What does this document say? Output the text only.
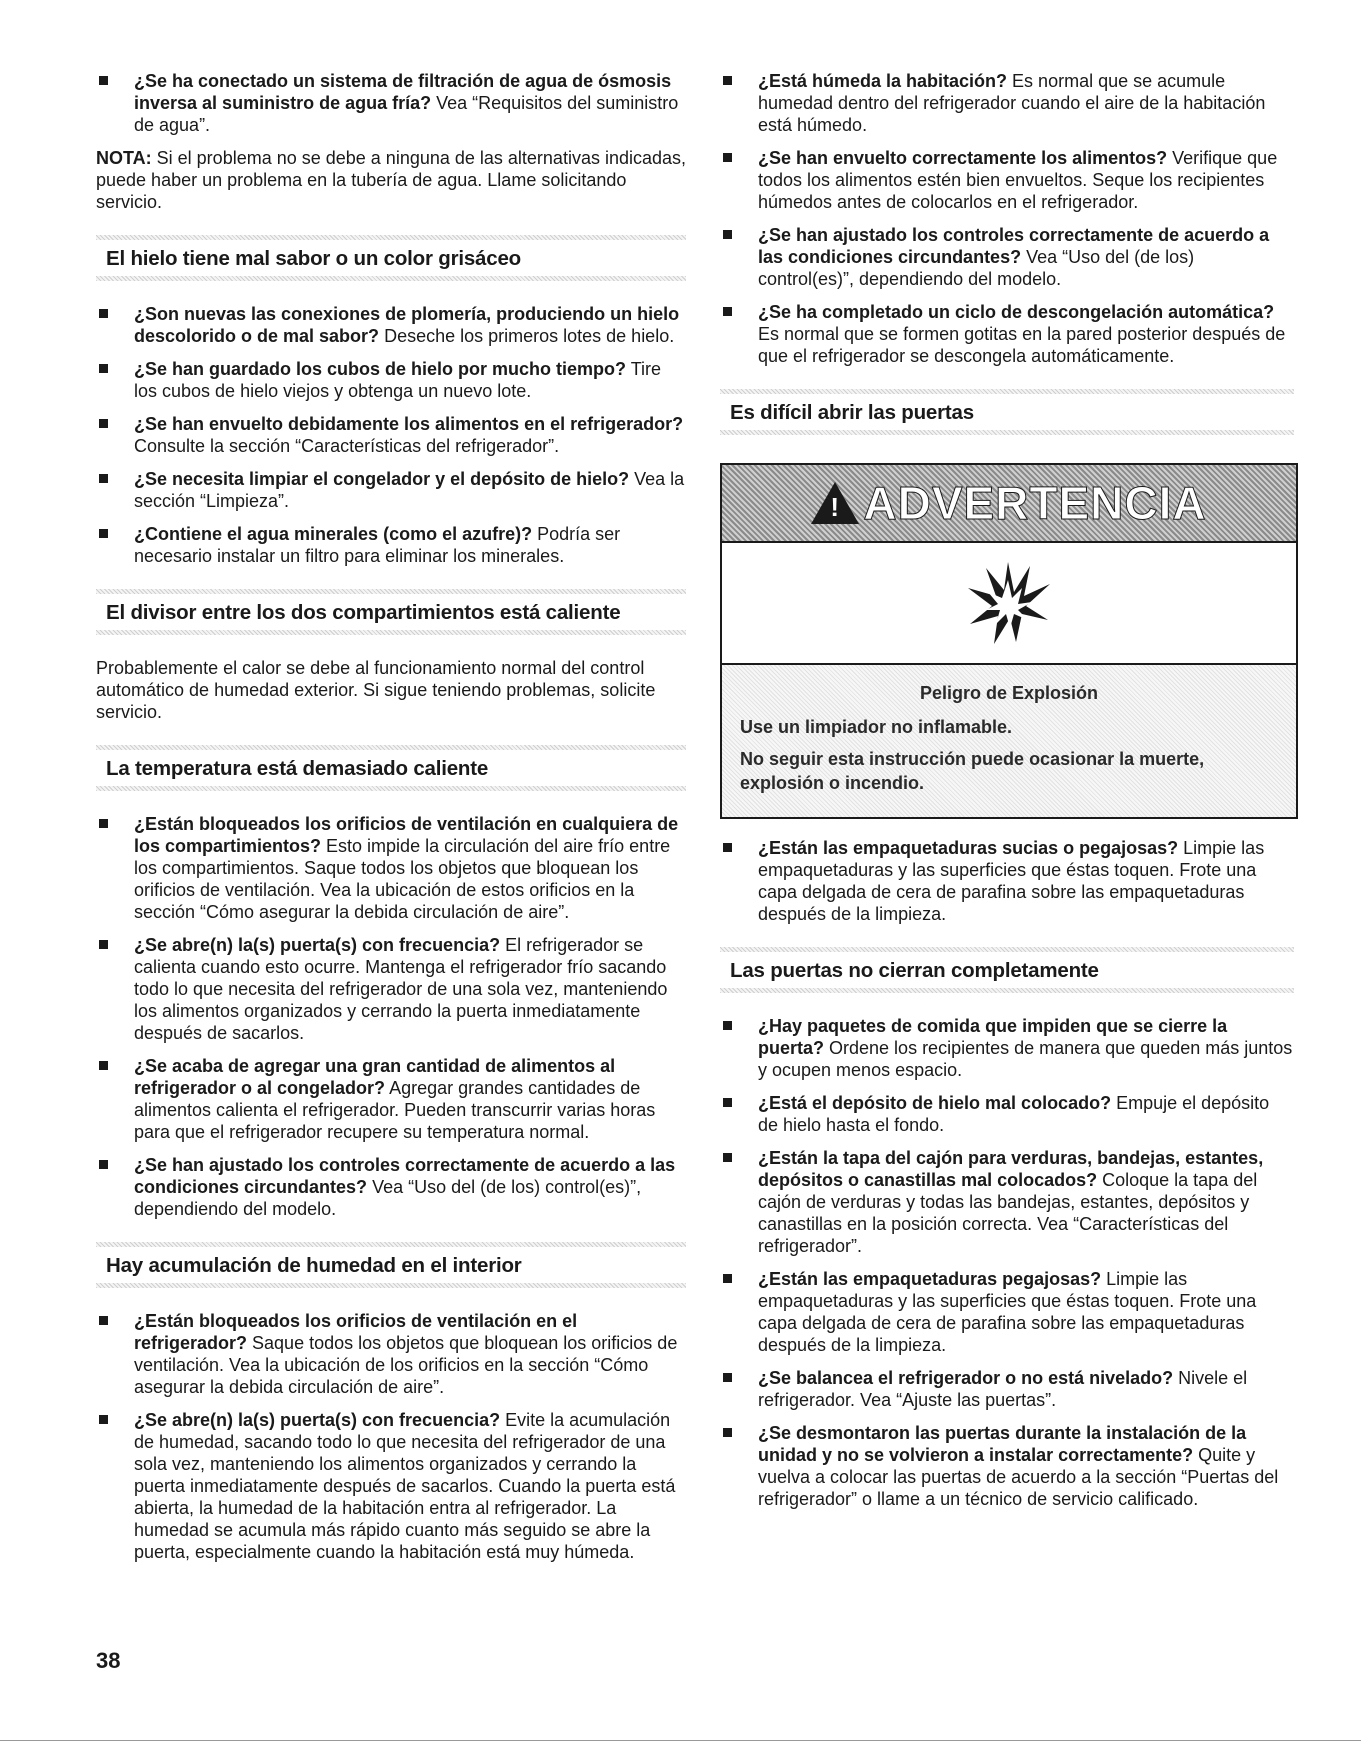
¿Se ha conectado un sistema de filtración de agua de ósmosis inversa al suministro de agua fría? Vea “Requisitos del suministro de agua”.

NOTA: Si el problema no se debe a ninguna de las alternativas indicadas, puede haber un problema en la tubería de agua. Llame solicitando servicio.

El hielo tiene mal sabor o un color grisáceo
¿Son nuevas las conexiones de plomería, produciendo un hielo descolorido o de mal sabor? Deseche los primeros lotes de hielo.
¿Se han guardado los cubos de hielo por mucho tiempo? Tire los cubos de hielo viejos y obtenga un nuevo lote.
¿Se han envuelto debidamente los alimentos en el refrigerador? Consulte la sección “Características del refrigerador”.
¿Se necesita limpiar el congelador y el depósito de hielo? Vea la sección “Limpieza”.
¿Contiene el agua minerales (como el azufre)? Podría ser necesario instalar un filtro para eliminar los minerales.
El divisor entre los dos compartimientos está caliente

Probablemente el calor se debe al funcionamiento normal del control automático de humedad exterior. Si sigue teniendo problemas, solicite servicio.

La temperatura está demasiado caliente
¿Están bloqueados los orificios de ventilación en cualquiera de los compartimientos? Esto impide la circulación del aire frío entre los compartimientos. Saque todos los objetos que bloquean los orificios de ventilación. Vea la ubicación de estos orificios en la sección “Cómo asegurar la debida circulación de aire”.
¿Se abre(n) la(s) puerta(s) con frecuencia? El refrigerador se calienta cuando esto ocurre. Mantenga el refrigerador frío sacando todo lo que necesita del refrigerador de una sola vez, manteniendo los alimentos organizados y cerrando la puerta inmediatamente después de sacarlos.
¿Se acaba de agregar una gran cantidad de alimentos al refrigerador o al congelador? Agregar grandes cantidades de alimentos calienta el refrigerador. Pueden transcurrir varias horas para que el refrigerador recupere su temperatura normal.
¿Se han ajustado los controles correctamente de acuerdo a las condiciones circundantes? Vea “Uso del (de los) control(es)”, dependiendo del modelo.
Hay acumulación de humedad en el interior
¿Están bloqueados los orificios de ventilación en el refrigerador? Saque todos los objetos que bloquean los orificios de ventilación. Vea la ubicación de los orificios en la sección “Cómo asegurar la debida circulación de aire”.
¿Se abre(n) la(s) puerta(s) con frecuencia? Evite la acumulación de humedad, sacando todo lo que necesita del refrigerador de una sola vez, manteniendo los alimentos organizados y cerrando la puerta inmediatamente después de sacarlos. Cuando la puerta está abierta, la humedad de la habitación entra al refrigerador. La humedad se acumula más rápido cuanto más seguido se abre la puerta, especialmente cuando la habitación está muy húmeda.
¿Está húmeda la habitación? Es normal que se acumule humedad dentro del refrigerador cuando el aire de la habitación está húmedo.
¿Se han envuelto correctamente los alimentos? Verifique que todos los alimentos estén bien envueltos. Seque los recipientes húmedos antes de colocarlos en el refrigerador.
¿Se han ajustado los controles correctamente de acuerdo a las condiciones circundantes? Vea “Uso del (de los) control(es)”, dependiendo del modelo.
¿Se ha completado un ciclo de descongelación automática? Es normal que se formen gotitas en la pared posterior después de que el refrigerador se descongela automáticamente.
Es difícil abrir las puertas
! ADVERTENCIA
Peligro de Explosión

Use un limpiador no inflamable.

No seguir esta instrucción puede ocasionar la muerte, explosión o incendio.

¿Están las empaquetaduras sucias o pegajosas? Limpie las empaquetaduras y las superficies que éstas toquen. Frote una capa delgada de cera de parafina sobre las empaquetaduras después de la limpieza.
Las puertas no cierran completamente
¿Hay paquetes de comida que impiden que se cierre la puerta? Ordene los recipientes de manera que queden más juntos y ocupen menos espacio.
¿Está el depósito de hielo mal colocado? Empuje el depósito de hielo hasta el fondo.
¿Están la tapa del cajón para verduras, bandejas, estantes, depósitos o canastillas mal colocados? Coloque la tapa del cajón de verduras y todas las bandejas, estantes, depósitos y canastillas en la posición correcta. Vea “Características del refrigerador”.
¿Están las empaquetaduras pegajosas? Limpie las empaquetaduras y las superficies que éstas toquen. Frote una capa delgada de cera de parafina sobre las empaquetaduras después de la limpieza.
¿Se balancea el refrigerador o no está nivelado? Nivele el refrigerador. Vea “Ajuste las puertas”.
¿Se desmontaron las puertas durante la instalación de la unidad y no se volvieron a instalar correctamente? Quite y vuelva a colocar las puertas de acuerdo a la sección “Puertas del refrigerador” o llame a un técnico de servicio calificado.
38
